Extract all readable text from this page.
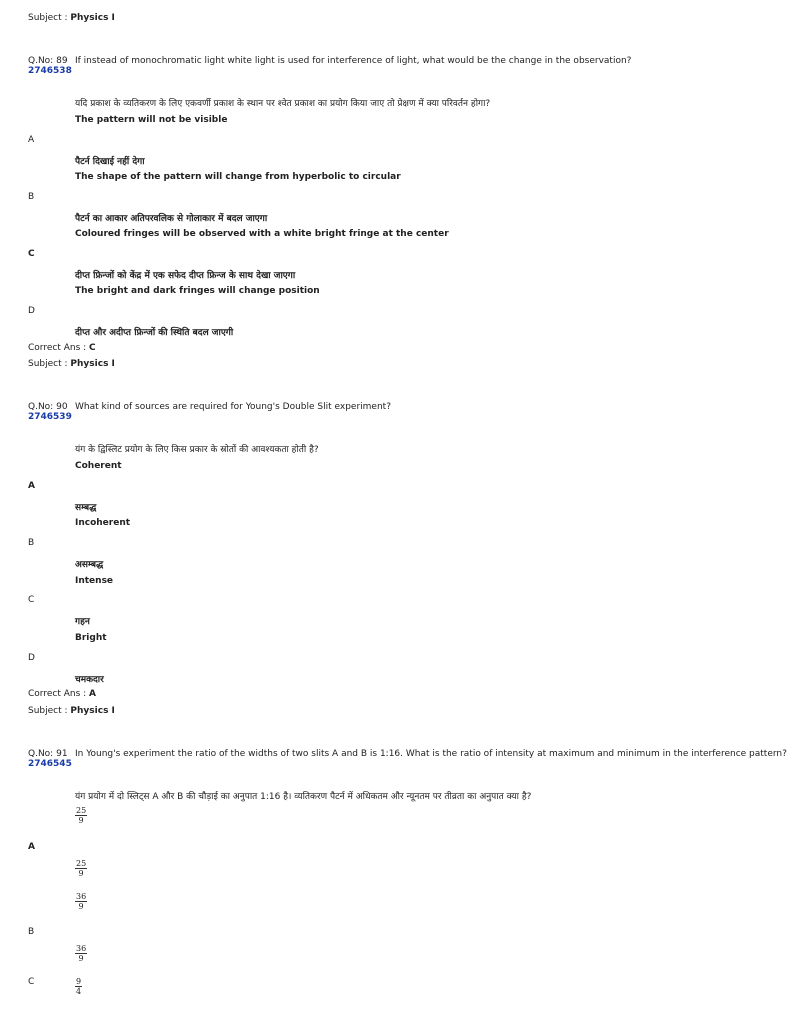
Subject : Physics I
Q.No: 89
2746538
If instead of monochromatic light white light is used for interference of light, what would be the change in the observation?
यदि प्रकाश के व्यतिकरण के लिए एकवर्णी प्रकाश के स्थान पर श्वेत प्रकाश का प्रयोग किया जाए तो प्रेक्षण में क्या परिवर्तन होगा?
The pattern will not be visible
A
पैटर्न दिखाई नहीं देगा
The shape of the pattern will change from hyperbolic to circular
B
पैटर्न का आकार अतिपरवलिक से गोलाकार में बदल जाएगा
Coloured fringes will be observed with a white bright fringe at the center
C
दीप्त फ्रिन्जों को केंद्र में एक सफेद दीप्त फ्रिन्ज के साथ देखा जाएगा
The bright and dark fringes will change position
D
दीप्त और अदीप्त फ्रिन्जों की स्थिति बदल जाएगी
Correct Ans : C
Subject : Physics I
Q.No: 90
2746539
What kind of sources are required for Young's Double Slit experiment?
यंग के द्विस्लिट प्रयोग के लिए किस प्रकार के स्रोतों की आवश्यकता होती है?
Coherent
A
सम्बद्ध
Incoherent
B
असम्बद्ध
Intense
C
गहन
Bright
D
चमकदार
Correct Ans : A
Subject : Physics I
Q.No: 91
2746545
In Young's experiment the ratio of the widths of two slits A and B is 1:16. What is the ratio of intensity at maximum and minimum in the interference pattern?
यंग प्रयोग में दो स्लिट्स A और B की चौड़ाई का अनुपात 1:16 है। व्यतिकरण पैटर्न में अधिकतम और न्यूनतम पर तीव्रता का अनुपात क्या है?
$\frac{25}{9}$
A
$\frac{25}{9}$
$\frac{36}{9}$
B
$\frac{36}{9}$
C	$\frac{9}{4}$
